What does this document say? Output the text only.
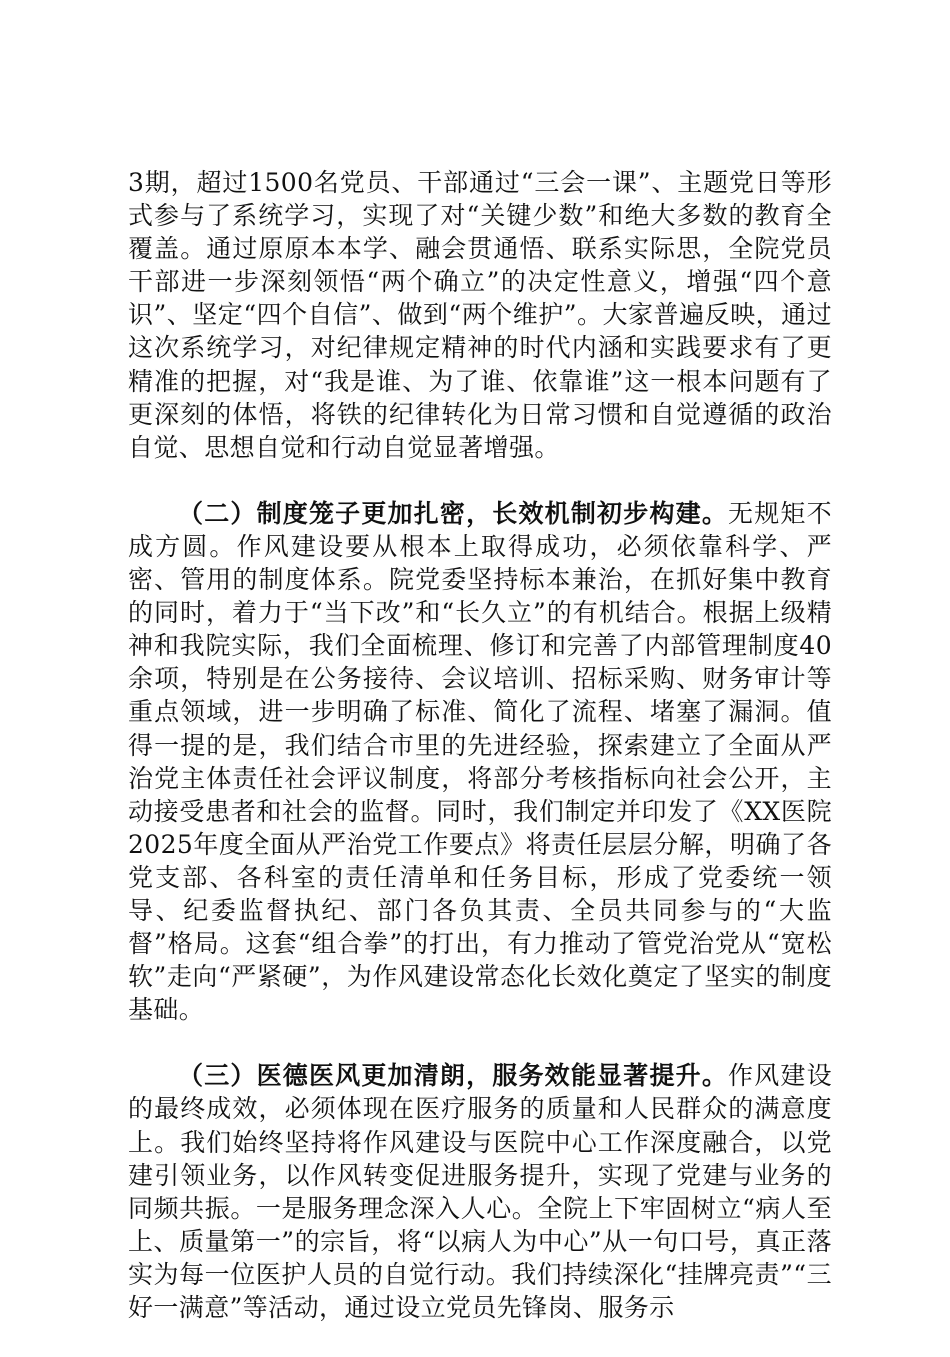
3期，超过1500名党员、干部通过“三会一课”、主题党日等形式参与了系统学习，实现了对“关键少数”和绝大多数的教育全覆盖。通过原原本本学、融会贯通悟、联系实际思，全院党员干部进一步深刻领悟“两个确立”的决定性意义，增强“四个意识”、坚定“四个自信”、做到“两个维护”。大家普遍反映，通过这次系统学习，对纪律规定精神的时代内涵和实践要求有了更精准的把握，对“我是谁、为了谁、依靠谁”这一根本问题有了更深刻的体悟，将铁的纪律转化为日常习惯和自觉遵循的政治自觉、思想自觉和行动自觉显著增强。

（二）制度笼子更加扎密，长效机制初步构建。无规矩不成方圆。作风建设要从根本上取得成功，必须依靠科学、严密、管用的制度体系。院党委坚持标本兼治，在抓好集中教育的同时，着力于“当下改”和“长久立”的有机结合。根据上级精神和我院实际，我们全面梳理、修订和完善了内部管理制度40余项，特别是在公务接待、会议培训、招标采购、财务审计等重点领域，进一步明确了标准、简化了流程、堵塞了漏洞。值得一提的是，我们结合市里的先进经验，探索建立了全面从严治党主体责任社会评议制度，将部分考核指标向社会公开，主动接受患者和社会的监督。同时，我们制定并印发了《XX医院2025年度全面从严治党工作要点》将责任层层分解，明确了各党支部、各科室的责任清单和任务目标，形成了党委统一领导、纪委监督执纪、部门各负其责、全员共同参与的“大监督”格局。这套“组合拳”的打出，有力推动了管党治党从“宽松软”走向“严紧硬”，为作风建设常态化长效化奠定了坚实的制度基础。

（三）医德医风更加清朗，服务效能显著提升。作风建设的最终成效，必须体现在医疗服务的质量和人民群众的满意度上。我们始终坚持将作风建设与医院中心工作深度融合，以党建引领业务，以作风转变促进服务提升，实现了党建与业务的同频共振。一是服务理念深入人心。全院上下牢固树立“病人至上、质量第一”的宗旨，将“以病人为中心”从一句口号，真正落实为每一位医护人员的自觉行动。我们持续深化“挂牌亮责”“三好一满意”等活动，通过设立党员先锋岗、服务示
